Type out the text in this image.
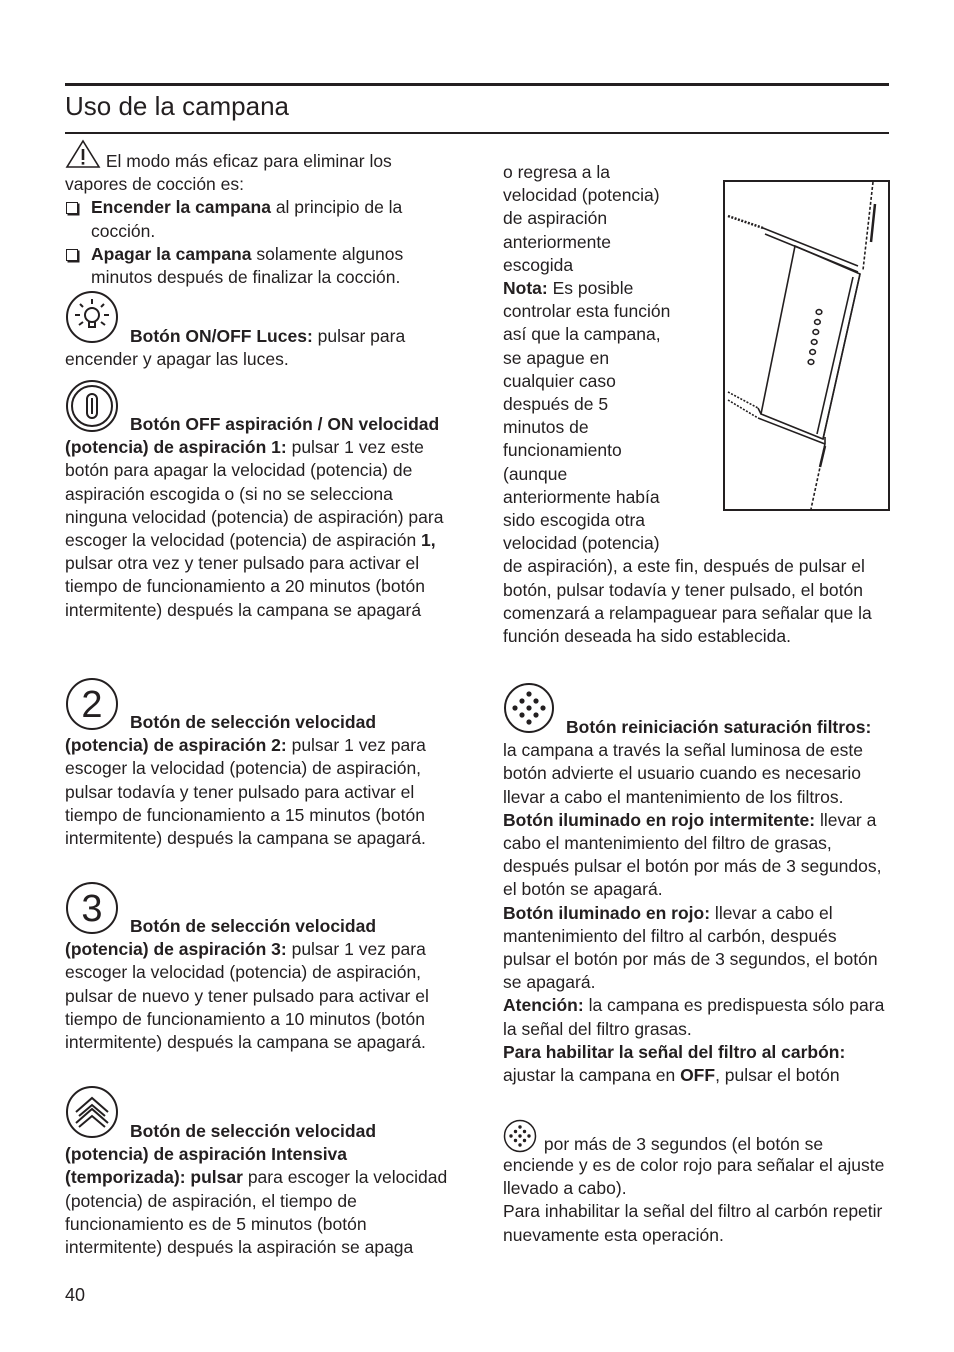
Uso de la campana

El modo más eficaz para eliminar los vapores de cocción es:

Encender la campana al principio de la cocción.
Apagar la campana solamente algunos minutos después de finalizar la cocción.

Botón ON/OFF Luces: pulsar para encender y apagar las luces.

Botón OFF aspiración / ON velocidad (potencia) de aspiración 1: pulsar 1 vez este botón para apagar la velocidad (potencia) de aspiración escogida o (si no se selecciona ninguna velocidad (potencia) de aspiración) para escoger la velocidad (potencia) de aspiración 1, pulsar otra vez y tener pulsado para activar el tiempo de funcionamiento a 20 minutos (botón intermitente) después la campana se apagará

2	Botón de selección velocidad (potencia) de aspiración 2: pulsar 1 vez para escoger la velocidad (potencia) de aspiración, pulsar todavía y tener pulsado para activar el tiempo de funcionamiento a 15 minutos (botón intermitente) después la campana se apagará.

3	Botón de selección velocidad (potencia) de aspiración 3: pulsar 1 vez para escoger la velocidad (potencia) de aspiración, pulsar de nuevo y tener pulsado para activar el tiempo de funcionamiento a 10 minutos (botón intermitente) después la campana se apagará.

Botón de selección velocidad (potencia) de aspiración Intensiva (temporizada): pulsar para escoger la velocidad (potencia) de aspiración, el tiempo de funcionamiento es de 5 minutos (botón intermitente) después la aspiración se apaga

o regresa a la
velocidad (potencia)
de aspiración
anteriormente
escogida

Nota: Es posible

controlar esta función
así que la campana,
se apague en
cualquier caso
después de 5
minutos de
funcionamiento
(aunque
anteriormente había
sido escogida otra
velocidad (potencia)

de aspiración), a este fin, después de pulsar el botón, pulsar todavía y tener pulsado, el botón comenzará a relampaguear para señalar que la función deseada ha sido establecida.

Botón reiniciación saturación filtros: la campana a través la señal luminosa de este botón advierte el usuario cuando es necesario llevar a cabo el mantenimiento de los filtros.

Botón iluminado en rojo intermitente: llevar a cabo el mantenimiento del filtro de grasas, después pulsar el botón por más de 3 segundos, el botón se apagará.

Botón iluminado en rojo: llevar a cabo el mantenimiento del filtro al carbón, después pulsar el botón por más de 3 segundos, el botón se apagará.

Atención: la campana es predispuesta sólo para la señal del filtro grasas.

Para habilitar la señal del filtro al carbón: ajustar la campana en OFF, pulsar el botón

por más de 3 segundos (el botón se

enciende y es de color rojo para señalar el ajuste llevado a cabo).

Para inhabilitar la señal del filtro al carbón repetir nuevamente esta operación.

40
